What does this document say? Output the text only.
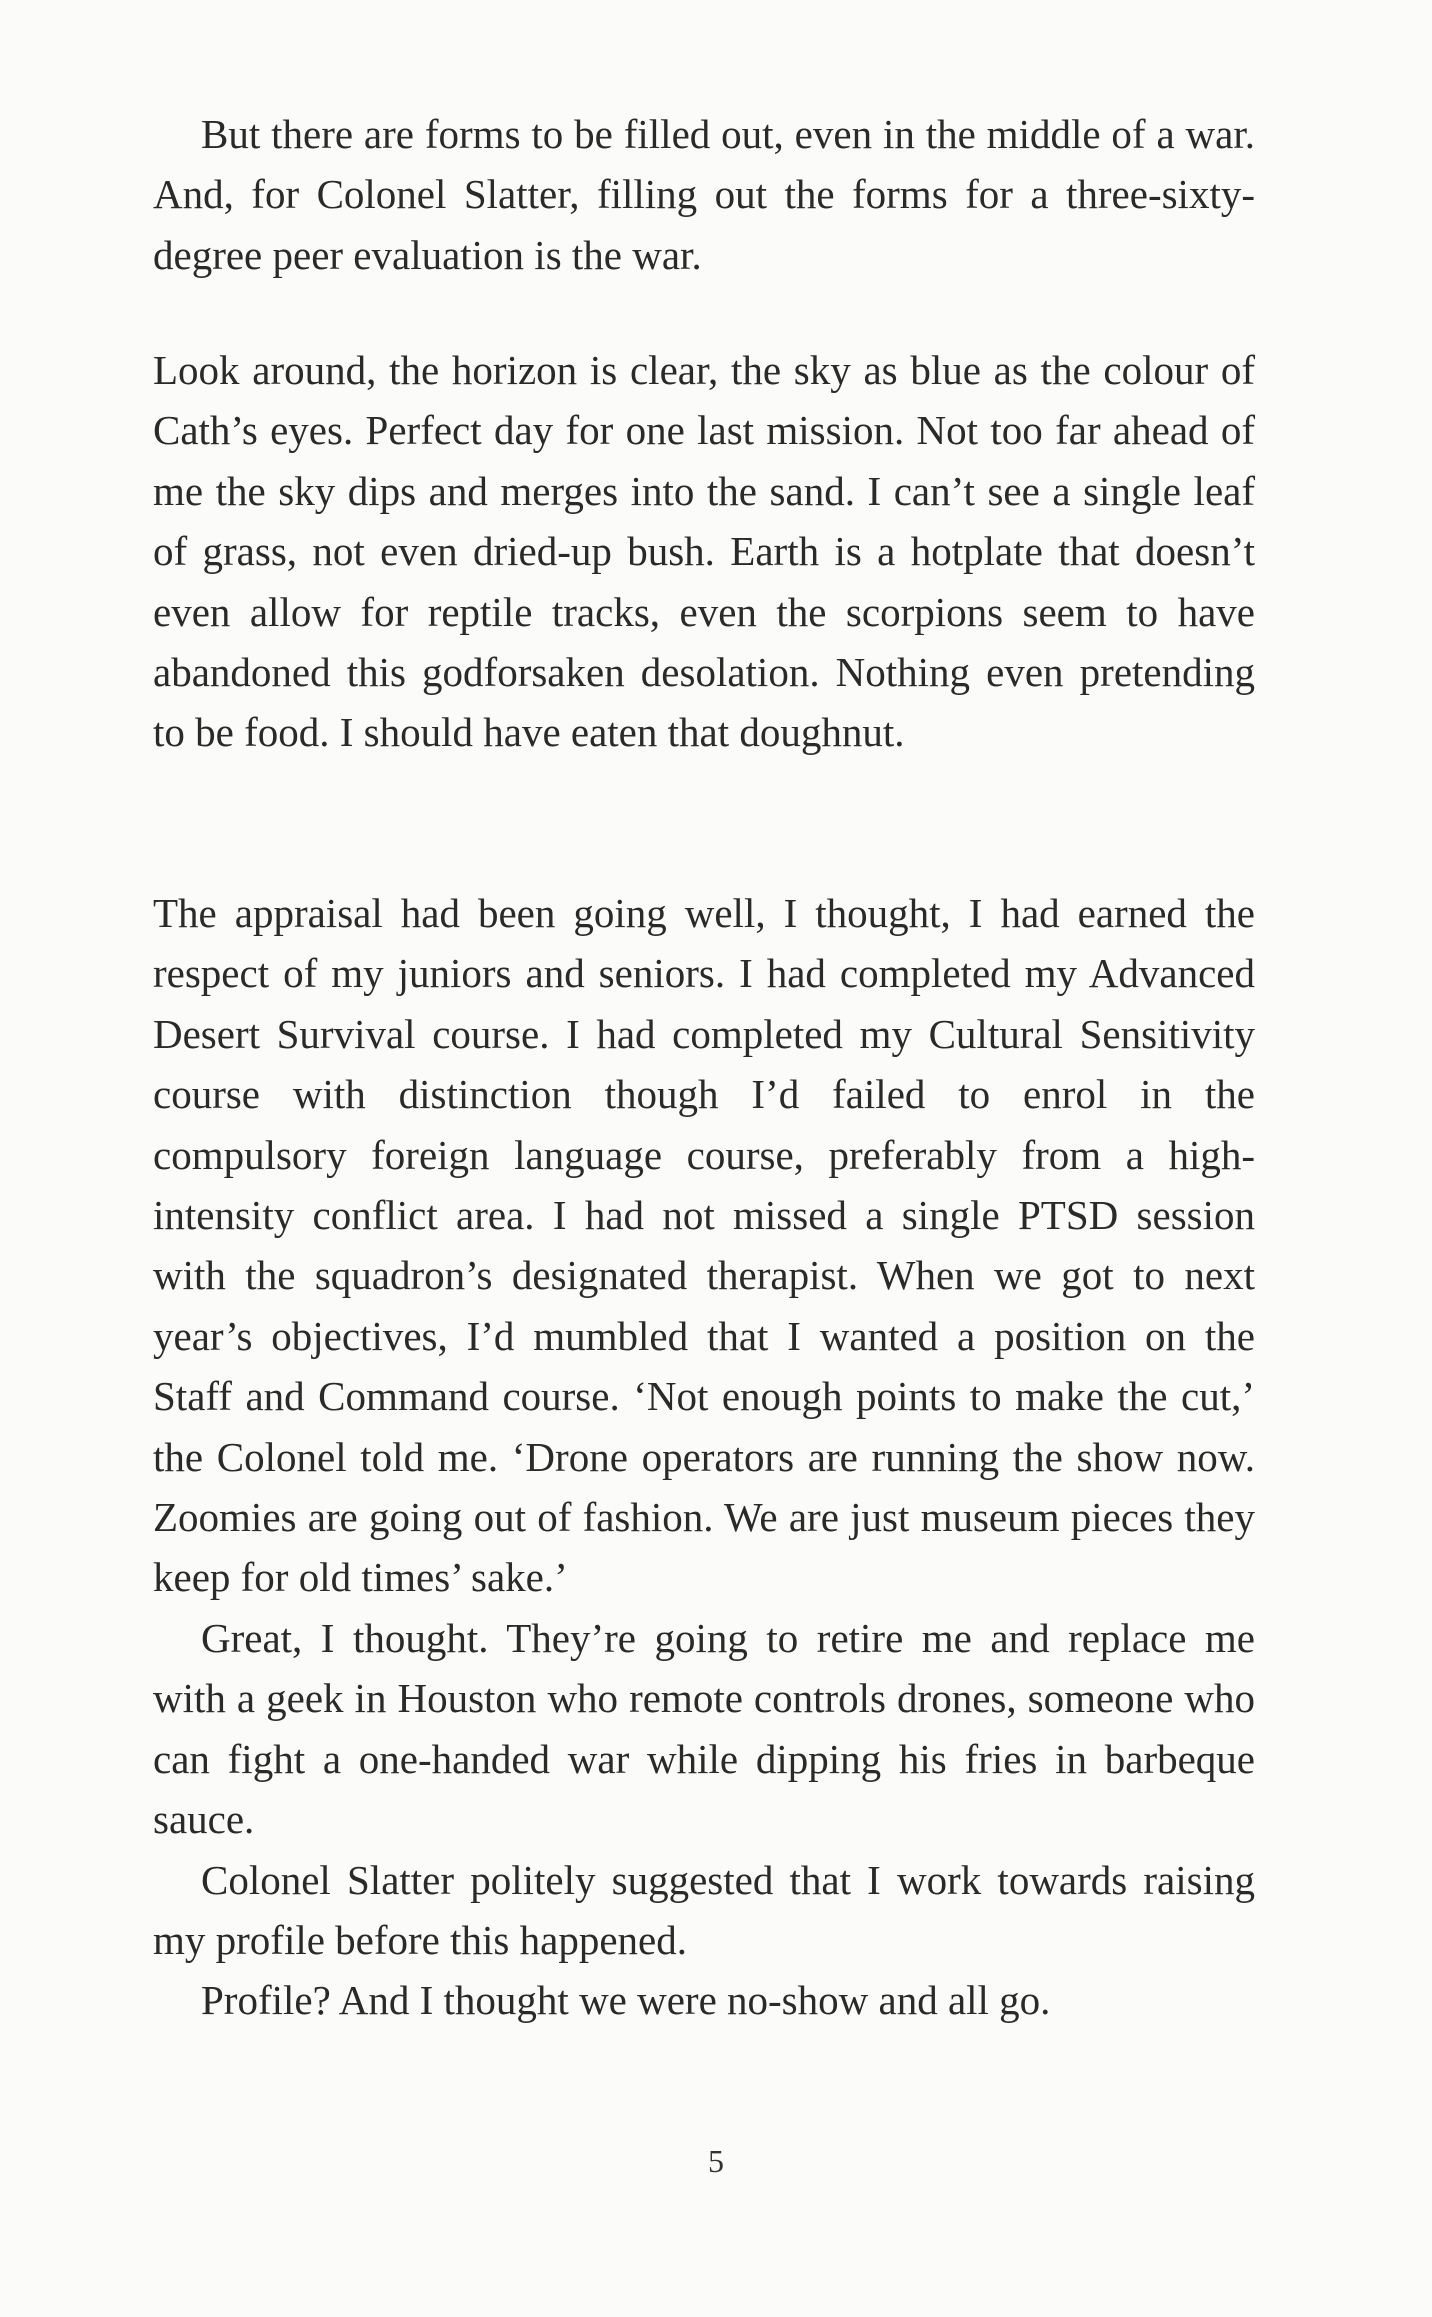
But there are forms to be filled out, even in the middle of a war. And, for Colonel Slatter, filling out the forms for a three-sixty-degree peer evaluation is the war.

Look around, the horizon is clear, the sky as blue as the colour of Cath’s eyes. Perfect day for one last mission. Not too far ahead of me the sky dips and merges into the sand. I can’t see a single leaf of grass, not even dried-up bush. Earth is a hotplate that doesn’t even allow for reptile tracks, even the scorpions seem to have abandoned this godforsaken desolation. Nothing even pretending to be food. I should have eaten that doughnut.

The appraisal had been going well, I thought, I had earned the respect of my juniors and seniors. I had completed my Advanced Desert Survival course. I had completed my Cultural Sensitivity course with distinction though I’d failed to enrol in the compulsory foreign language course, preferably from a high-intensity conflict area. I had not missed a single PTSD session with the squadron’s designated therapist. When we got to next year’s objectives, I’d mumbled that I wanted a position on the Staff and Command course. ‘Not enough points to make the cut,’ the Colonel told me. ‘Drone operators are running the show now. Zoomies are going out of fashion. We are just museum pieces they keep for old times’ sake.’

Great, I thought. They’re going to retire me and replace me with a geek in Houston who remote controls drones, someone who can fight a one-handed war while dipping his fries in barbeque sauce.

Colonel Slatter politely suggested that I work towards raising my profile before this happened.

Profile? And I thought we were no-show and all go.

5
